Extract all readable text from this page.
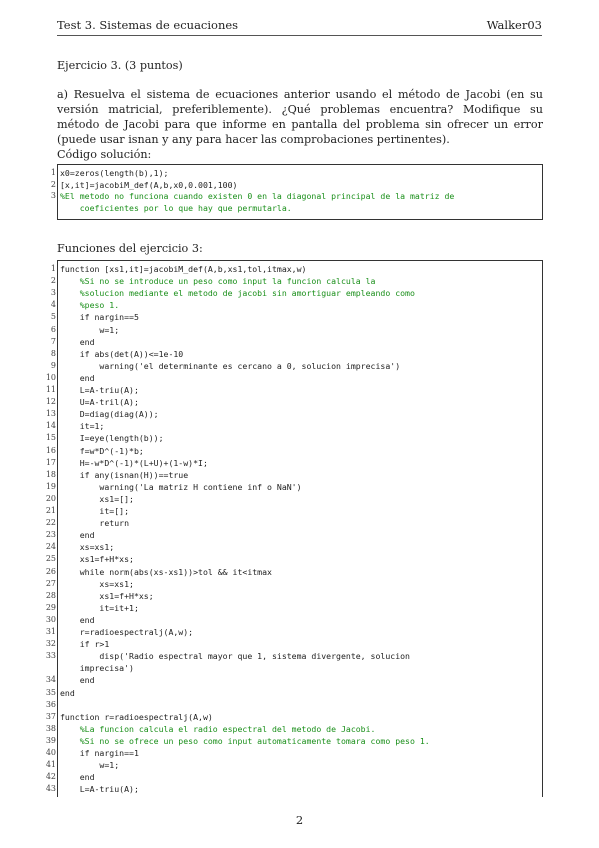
Test 3. Sistemas de ecuaciones	Walker03
Ejercicio 3. (3 puntos)
a) Resuelva el sistema de ecuaciones anterior usando el método de Jacobi (en su versión matricial, preferiblemente). ¿Qué problemas encuentra? Modifique su método de Jacobi para que informe en pantalla del problema sin ofrecer un error (puede usar isnan y any para hacer las comprobaciones pertinentes).
Código solución:
1 x0=zeros(length(b),1);
2 [x,it]=jacobiM_def(A,b,x0,0.001,100)
3 %El metodo no funciona cuando existen 0 en la diagonal principal de la matriz de
coeficientes por lo que hay que permutarla.
Funciones del ejercicio 3:
1 function [xs1,it]=jacobiM_def(A,b,xs1,tol,itmax,w)
2 %Si no se introduce un peso como input la funcion calcula la
3 %solucion mediante el metodo de jacobi sin amortiguar empleando como
4 %peso 1.
5 if nargin==5
6 w=1;
7 end
8 if abs(det(A))<=1e-10
9 warning('el determinante es cercano a 0, solucion imprecisa')
10 end
11 L=A-triu(A);
12 U=A-tril(A);
13 D=diag(diag(A));
14 it=1;
15 I=eye(length(b));
16 f=w*D^(-1)*b;
17 H=-w*D^(-1)*(L+U)+(1-w)*I;
18 if any(isnan(H))==true
19 warning('La matriz H contiene inf o NaN')
20 xs1=[];
21 it=[];
22 return
23 end
24 xs=xs1;
25 xs1=f+H*xs;
26 while norm(abs(xs-xs1))>tol && it<itmax
27 xs=xs1;
28 xs1=f+H*xs;
29 it=it+1;
30 end
31 r=radioespectralj(A,w);
32 if r>1
33 disp('Radio espectral mayor que 1, sistema divergente, solucion
imprecisa')
34 end
35 end
36
37 function r=radioespectralj(A,w)
38 %La funcion calcula el radio espectral del metodo de Jacobi.
39 %Si no se ofrece un peso como input automaticamente tomara como peso 1.
40 if nargin==1
41 w=1;
42 end
43 L=A-triu(A);
2
